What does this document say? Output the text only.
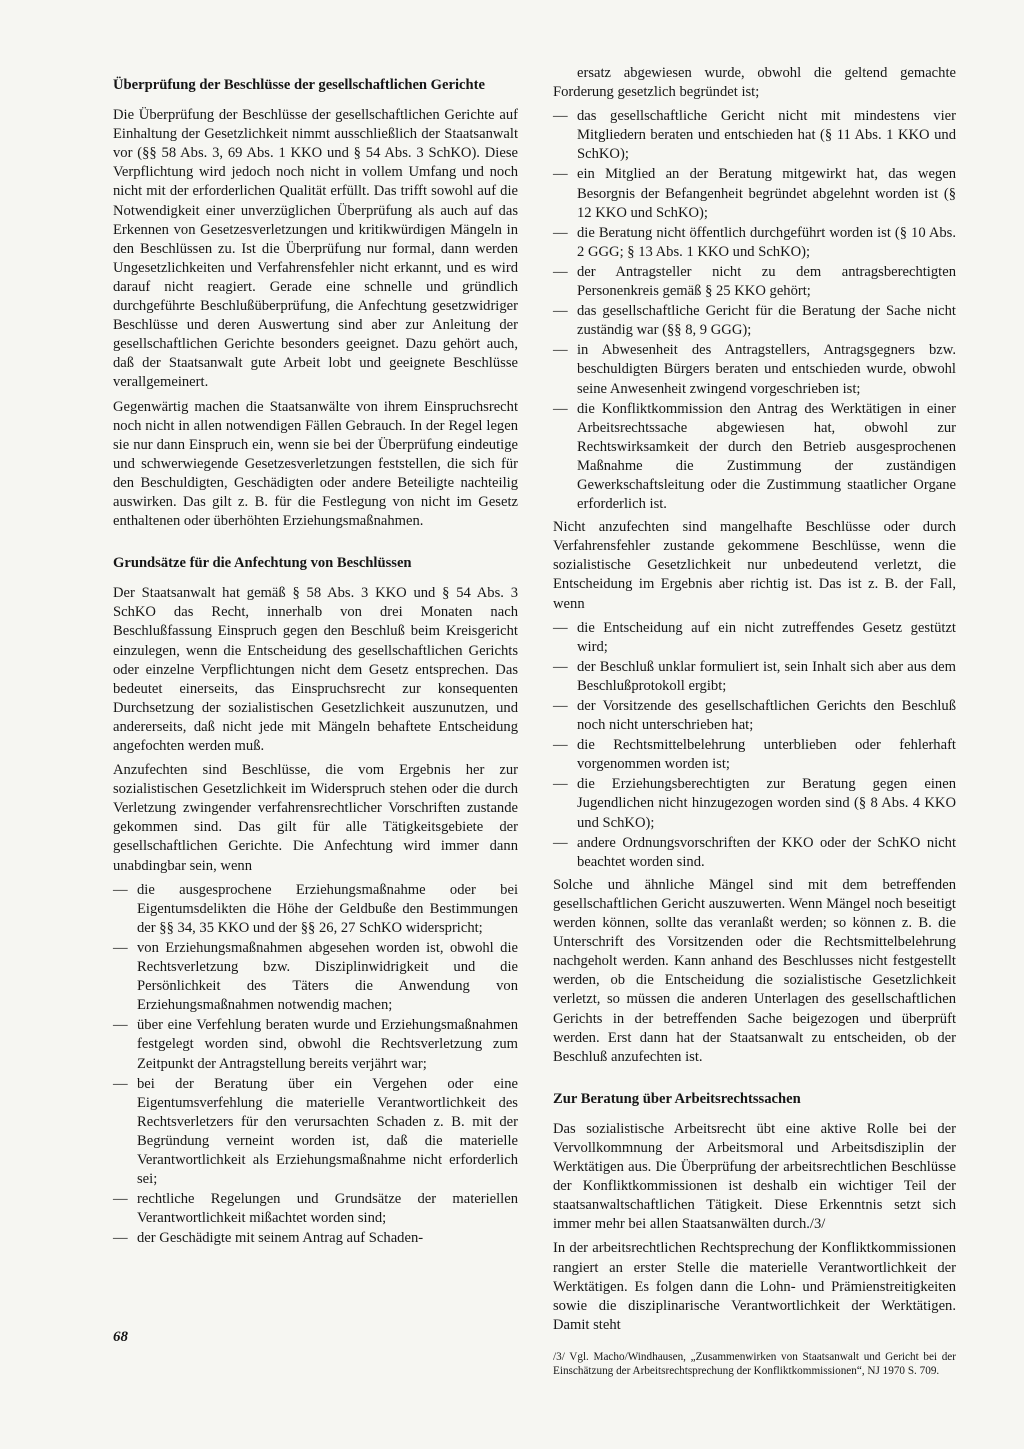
Überprüfung der Beschlüsse der gesellschaftlichen Gerichte

Die Überprüfung der Beschlüsse der gesellschaftlichen Gerichte auf Einhaltung der Gesetzlichkeit nimmt ausschließlich der Staatsanwalt vor (§§ 58 Abs. 3, 69 Abs. 1 KKO und § 54 Abs. 3 SchKO). Diese Verpflichtung wird jedoch noch nicht in vollem Umfang und noch nicht mit der erforderlichen Qualität erfüllt. Das trifft sowohl auf die Notwendigkeit einer unverzüglichen Überprüfung als auch auf das Erkennen von Gesetzesverletzungen und kritikwürdigen Mängeln in den Beschlüssen zu. Ist die Überprüfung nur formal, dann werden Ungesetzlichkeiten und Verfahrensfehler nicht erkannt, und es wird darauf nicht reagiert. Gerade eine schnelle und gründlich durchgeführte Beschlußüberprüfung, die Anfechtung gesetzwidriger Beschlüsse und deren Auswertung sind aber zur Anleitung der gesellschaftlichen Gerichte besonders geeignet. Dazu gehört auch, daß der Staatsanwalt gute Arbeit lobt und geeignete Beschlüsse verallgemeinert.

Gegenwärtig machen die Staatsanwälte von ihrem Einspruchsrecht noch nicht in allen notwendigen Fällen Gebrauch. In der Regel legen sie nur dann Einspruch ein, wenn sie bei der Überprüfung eindeutige und schwerwiegende Gesetzesverletzungen feststellen, die sich für den Beschuldigten, Geschädigten oder andere Beteiligte nachteilig auswirken. Das gilt z. B. für die Festlegung von nicht im Gesetz enthaltenen oder überhöhten Erziehungsmaßnahmen.

Grundsätze für die Anfechtung von Beschlüssen

Der Staatsanwalt hat gemäß § 58 Abs. 3 KKO und § 54 Abs. 3 SchKO das Recht, innerhalb von drei Monaten nach Beschlußfassung Einspruch gegen den Beschluß beim Kreisgericht einzulegen, wenn die Entscheidung des gesellschaftlichen Gerichts oder einzelne Verpflichtungen nicht dem Gesetz entsprechen. Das bedeutet einerseits, das Einspruchsrecht zur konsequenten Durchsetzung der sozialistischen Gesetzlichkeit auszunutzen, und andererseits, daß nicht jede mit Mängeln behaftete Entscheidung angefochten werden muß.

Anzufechten sind Beschlüsse, die vom Ergebnis her zur sozialistischen Gesetzlichkeit im Widerspruch stehen oder die durch Verletzung zwingender verfahrensrechtlicher Vorschriften zustande gekommen sind. Das gilt für alle Tätigkeitsgebiete der gesellschaftlichen Gerichte. Die Anfechtung wird immer dann unabdingbar sein, wenn

— die ausgesprochene Erziehungsmaßnahme oder bei Eigentumsdelikten die Höhe der Geldbuße den Bestimmungen der §§ 34, 35 KKO und der §§ 26, 27 SchKO widerspricht;
— von Erziehungsmaßnahmen abgesehen worden ist, obwohl die Rechtsverletzung bzw. Disziplinwidrigkeit und die Persönlichkeit des Täters die Anwendung von Erziehungsmaßnahmen notwendig machen;
— über eine Verfehlung beraten wurde und Erziehungsmaßnahmen festgelegt worden sind, obwohl die Rechtsverletzung zum Zeitpunkt der Antragstellung bereits verjährt war;
— bei der Beratung über ein Vergehen oder eine Eigentumsverfehlung die materielle Verantwortlichkeit des Rechtsverletzers für den verursachten Schaden z. B. mit der Begründung verneint worden ist, daß die materielle Verantwortlichkeit als Erziehungsmaßnahme nicht erforderlich sei;
— rechtliche Regelungen und Grundsätze der materiellen Verantwortlichkeit mißachtet worden sind;
— der Geschädigte mit seinem Antrag auf Schaden-

ersatz abgewiesen wurde, obwohl die geltend gemachte Forderung gesetzlich begründet ist;

— das gesellschaftliche Gericht nicht mit mindestens vier Mitgliedern beraten und entschieden hat (§ 11 Abs. 1 KKO und SchKO);
— ein Mitglied an der Beratung mitgewirkt hat, das wegen Besorgnis der Befangenheit begründet abgelehnt worden ist (§ 12 KKO und SchKO);
— die Beratung nicht öffentlich durchgeführt worden ist (§ 10 Abs. 2 GGG; § 13 Abs. 1 KKO und SchKO);
— der Antragsteller nicht zu dem antragsberechtigten Personenkreis gemäß § 25 KKO gehört;
— das gesellschaftliche Gericht für die Beratung der Sache nicht zuständig war (§§ 8, 9 GGG);
— in Abwesenheit des Antragstellers, Antragsgegners bzw. beschuldigten Bürgers beraten und entschieden wurde, obwohl seine Anwesenheit zwingend vorgeschrieben ist;
— die Konfliktkommission den Antrag des Werktätigen in einer Arbeitsrechtssache abgewiesen hat, obwohl zur Rechtswirksamkeit der durch den Betrieb ausgesprochenen Maßnahme die Zustimmung der zuständigen Gewerkschaftsleitung oder die Zustimmung staatlicher Organe erforderlich ist.

Nicht anzufechten sind mangelhafte Beschlüsse oder durch Verfahrensfehler zustande gekommene Beschlüsse, wenn die sozialistische Gesetzlichkeit nur unbedeutend verletzt, die Entscheidung im Ergebnis aber richtig ist. Das ist z. B. der Fall, wenn

— die Entscheidung auf ein nicht zutreffendes Gesetz gestützt wird;
— der Beschluß unklar formuliert ist, sein Inhalt sich aber aus dem Beschlußprotokoll ergibt;
— der Vorsitzende des gesellschaftlichen Gerichts den Beschluß noch nicht unterschrieben hat;
— die Rechtsmittelbelehrung unterblieben oder fehlerhaft vorgenommen worden ist;
— die Erziehungsberechtigten zur Beratung gegen einen Jugendlichen nicht hinzugezogen worden sind (§ 8 Abs. 4 KKO und SchKO);
— andere Ordnungsvorschriften der KKO oder der SchKO nicht beachtet worden sind.

Solche und ähnliche Mängel sind mit dem betreffenden gesellschaftlichen Gericht auszuwerten. Wenn Mängel noch beseitigt werden können, sollte das veranlaßt werden; so können z. B. die Unterschrift des Vorsitzenden oder die Rechtsmittelbelehrung nachgeholt werden. Kann anhand des Beschlusses nicht festgestellt werden, ob die Entscheidung die sozialistische Gesetzlichkeit verletzt, so müssen die anderen Unterlagen des gesellschaftlichen Gerichts in der betreffenden Sache beigezogen und überprüft werden. Erst dann hat der Staatsanwalt zu entscheiden, ob der Beschluß anzufechten ist.

Zur Beratung über Arbeitsrechtssachen

Das sozialistische Arbeitsrecht übt eine aktive Rolle bei der Vervollkommnung der Arbeitsmoral und Arbeitsdisziplin der Werktätigen aus. Die Überprüfung der arbeitsrechtlichen Beschlüsse der Konfliktkommissionen ist deshalb ein wichtiger Teil der staatsanwaltschaftlichen Tätigkeit. Diese Erkenntnis setzt sich immer mehr bei allen Staatsanwälten durch./3/

In der arbeitsrechtlichen Rechtsprechung der Konfliktkommissionen rangiert an erster Stelle die materielle Verantwortlichkeit der Werktätigen. Es folgen dann die Lohn- und Prämienstreitigkeiten sowie die disziplinarische Verantwortlichkeit der Werktätigen. Damit steht

/3/ Vgl. Macho/Windhausen, „Zusammenwirken von Staatsanwalt und Gericht bei der Einschätzung der Arbeitsrechtsprechung der Konfliktkommissionen“, NJ 1970 S. 709.
68
